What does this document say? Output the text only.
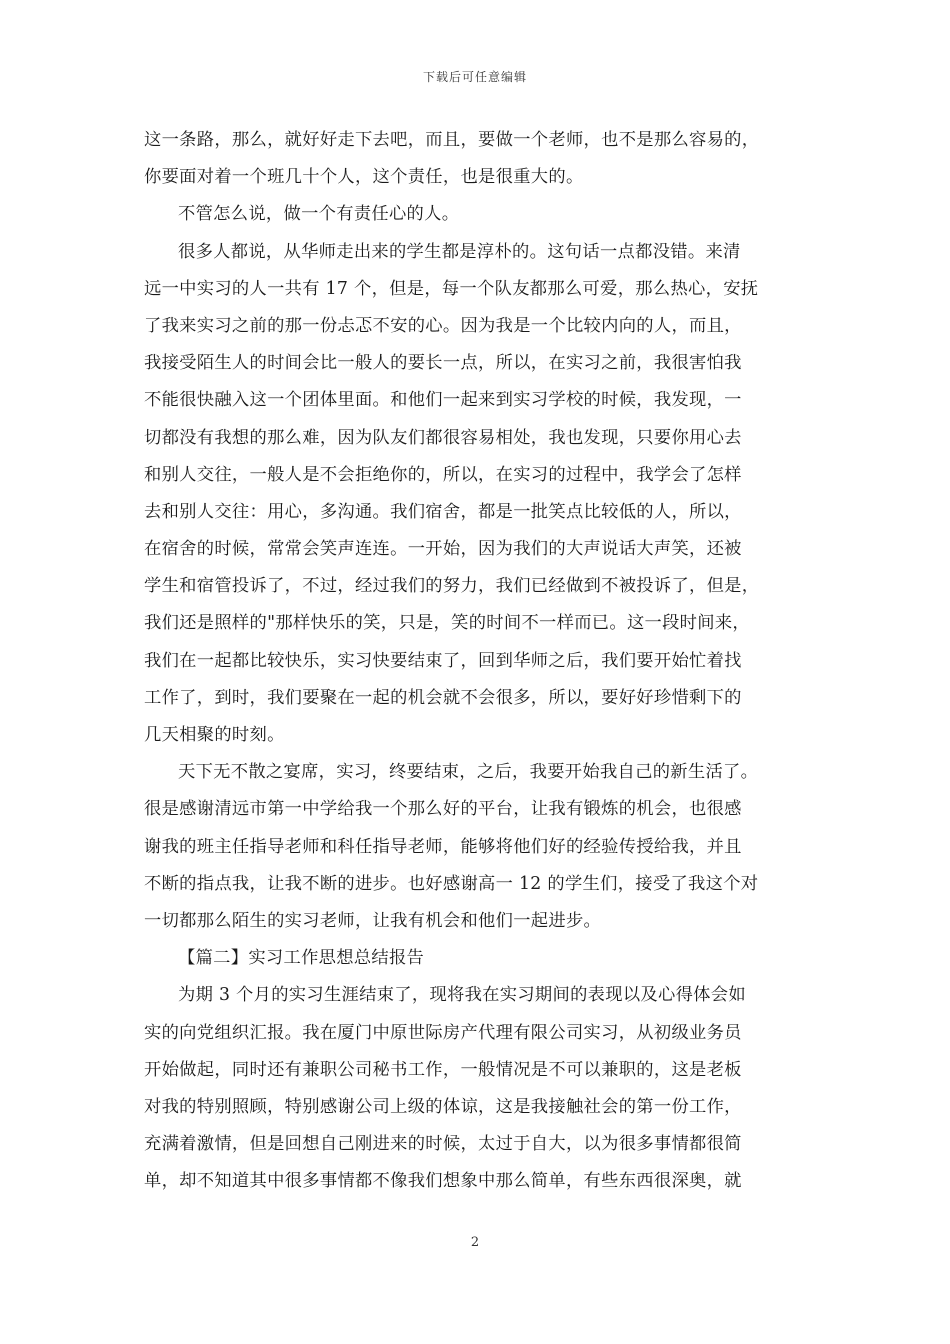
下载后可任意编辑
这一条路，那么，就好好走下去吧，而且，要做一个老师，也不是那么容易的，
你要面对着一个班几十个人，这个责任，也是很重大的。
不管怎么说，做一个有责任心的人。
很多人都说，从华师走出来的学生都是淳朴的。这句话一点都没错。来清
远一中实习的人一共有 17 个，但是，每一个队友都那么可爱，那么热心，安抚
了我来实习之前的那一份忐忑不安的心。因为我是一个比较内向的人，而且，
我接受陌生人的时间会比一般人的要长一点，所以，在实习之前，我很害怕我
不能很快融入这一个团体里面。和他们一起来到实习学校的时候，我发现，一
切都没有我想的那么难，因为队友们都很容易相处，我也发现，只要你用心去
和别人交往，一般人是不会拒绝你的，所以，在实习的过程中，我学会了怎样
去和别人交往：用心，多沟通。我们宿舍，都是一批笑点比较低的人，所以，
在宿舍的时候，常常会笑声连连。一开始，因为我们的大声说话大声笑，还被
学生和宿管投诉了，不过，经过我们的努力，我们已经做到不被投诉了，但是，
我们还是照样的"那样快乐的笑，只是，笑的时间不一样而已。这一段时间来，
我们在一起都比较快乐，实习快要结束了，回到华师之后，我们要开始忙着找
工作了，到时，我们要聚在一起的机会就不会很多，所以，要好好珍惜剩下的
几天相聚的时刻。
天下无不散之宴席，实习，终要结束，之后，我要开始我自己的新生活了。
很是感谢清远市第一中学给我一个那么好的平台，让我有锻炼的机会，也很感
谢我的班主任指导老师和科任指导老师，能够将他们好的经验传授给我，并且
不断的指点我，让我不断的进步。也好感谢高一 12 的学生们，接受了我这个对
一切都那么陌生的实习老师，让我有机会和他们一起进步。
【篇二】实习工作思想总结报告
为期 3 个月的实习生涯结束了，现将我在实习期间的表现以及心得体会如
实的向党组织汇报。我在厦门中原世际房产代理有限公司实习，从初级业务员
开始做起，同时还有兼职公司秘书工作，一般情况是不可以兼职的，这是老板
对我的特别照顾，特别感谢公司上级的体谅，这是我接触社会的第一份工作，
充满着激情，但是回想自己刚进来的时候，太过于自大，以为很多事情都很简
单，却不知道其中很多事情都不像我们想象中那么简单，有些东西很深奥，就
2
